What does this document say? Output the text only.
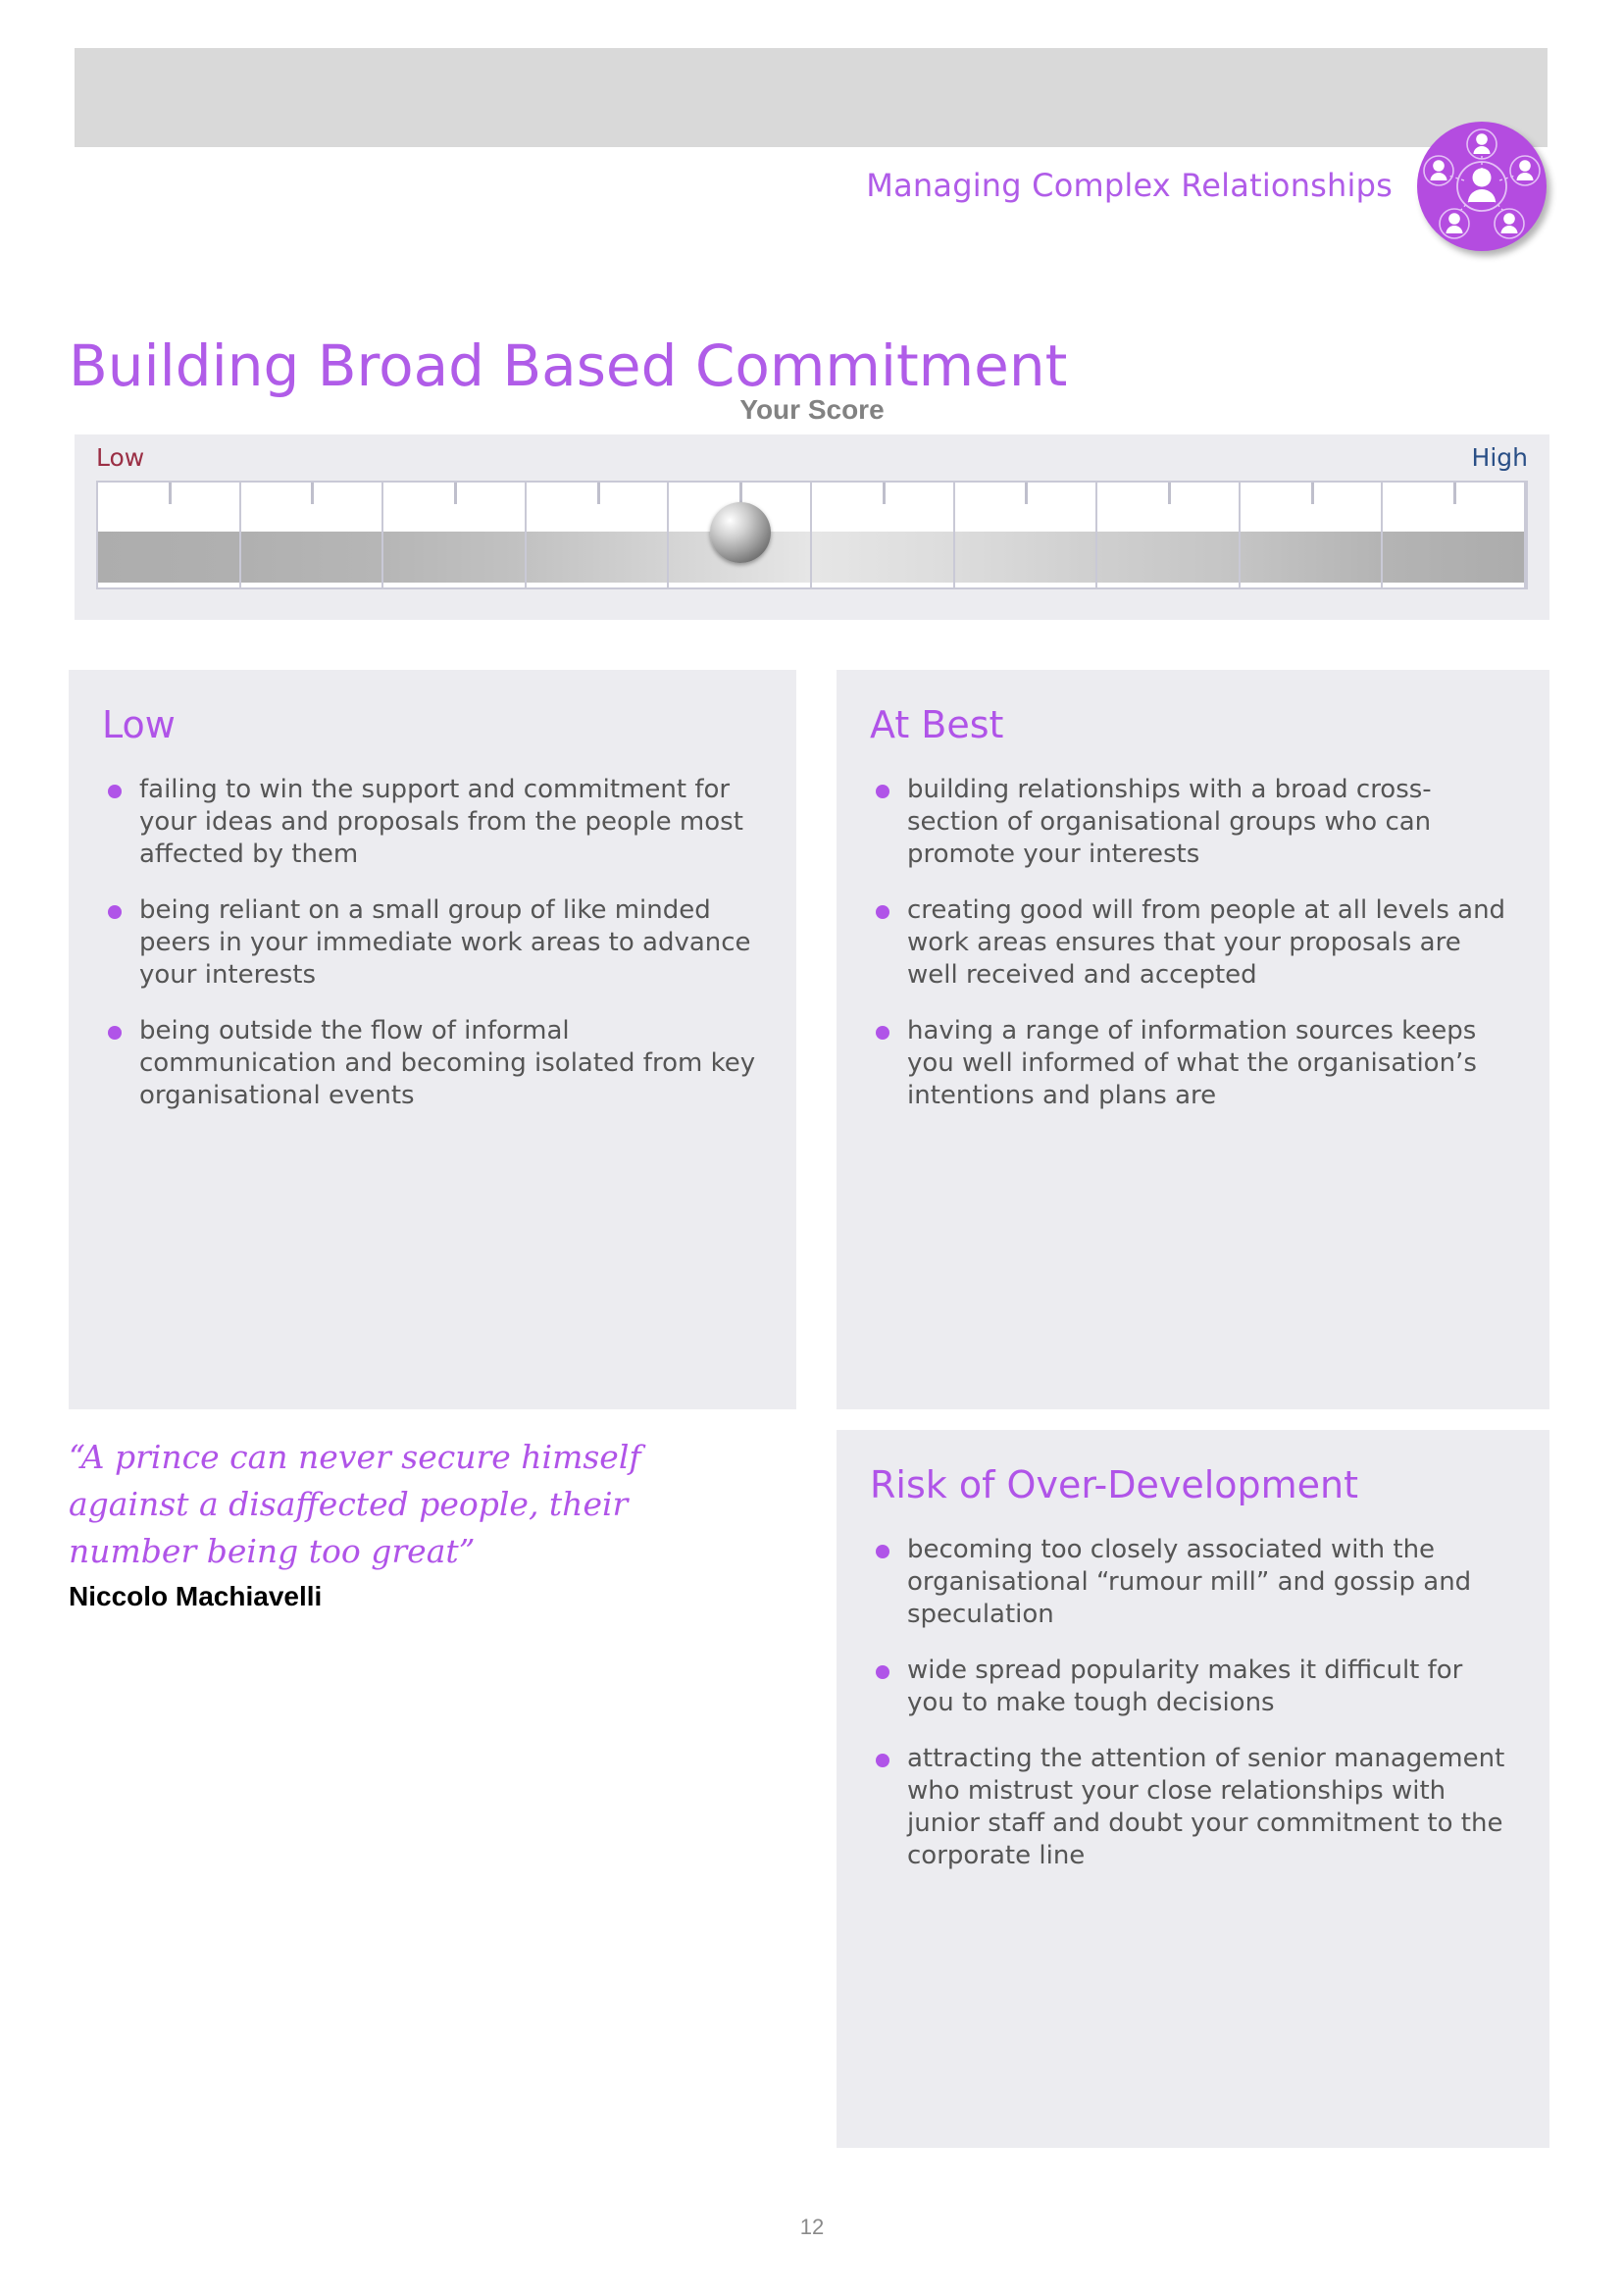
Managing Complex Relationships
Building Broad Based Commitment
Your Score
Low	High
Low
failing to win the support and commitment for your ideas and proposals from the people most affected by them
being reliant on a small group of like minded peers in your immediate work areas to advance your interests
being outside the flow of informal communication and becoming isolated from key organisational events
At Best
building relationships with a broad cross-section of organisational groups who can promote your interests
creating good will from people at all levels and work areas ensures that your proposals are well received and accepted
having a range of information sources keeps you well informed of what the organisation’s intentions and plans are

“A prince can never secure himself against a disaffected people, their number being too great”

Niccolo Machiavelli

Risk of Over-Development
becoming too closely associated with the organisational “rumour mill” and gossip and speculation
wide spread popularity makes it difficult for you to make tough decisions
attracting the attention of senior management who mistrust your close relationships with junior staff and doubt your commitment to the corporate line
12
